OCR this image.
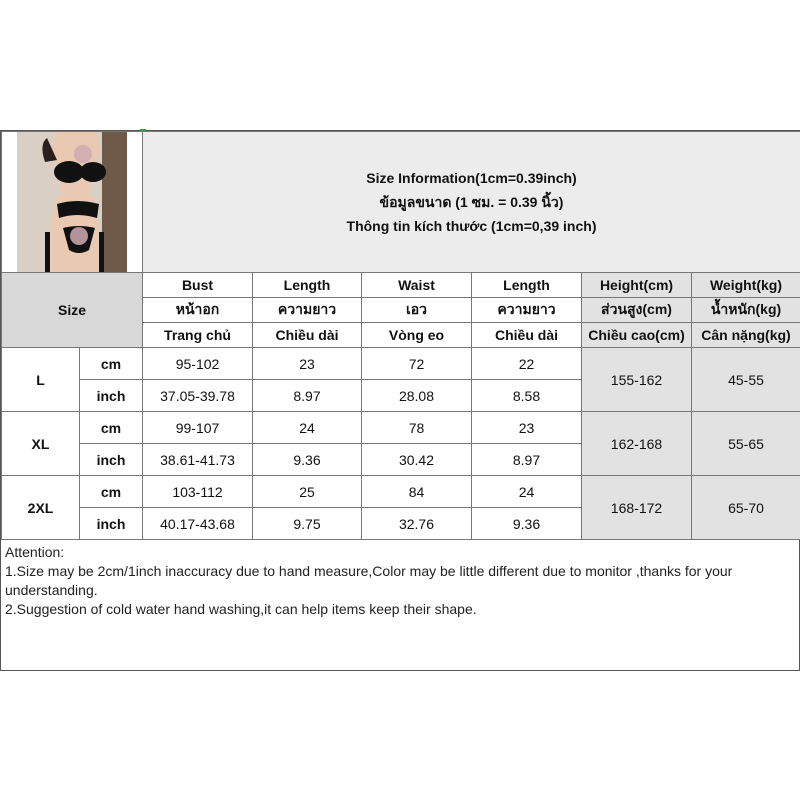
Size Information(1cm=0.39inch)
ข้อมูลขนาด (1 ซม. = 0.39 นิ้ว)
Thông tin kích thước (1cm=0,39 inch)					

Size		Bust	Length	Waist	Length	Height(cm)	Weight(kg)
		หน้าอก	ความยาว	เอว	ความยาว	ส่วนสูง(cm)	น้ำหนัก(kg)
		Trang chủ	Chiều dài	Vòng eo	Chiều dài	Chiều cao(cm)	Cân nặng(kg)
L	cm	95-102	23	72	22	155-162	45-55
	inch	37.05-39.78	8.97	28.08	8.58		
XL	cm	99-107	24	78	23	162-168	55-65
	inch	38.61-41.73	9.36	30.42	8.97		
2XL	cm	103-112	25	84	24	168-172	65-70
	inch	40.17-43.68	9.75	32.76	9.36		
Attention:
1.Size may be 2cm/1inch inaccuracy due to hand measure,Color may be little different due to monitor ,thanks for your understanding.
2.Suggestion of cold water hand washing,it can help items keep their shape.
